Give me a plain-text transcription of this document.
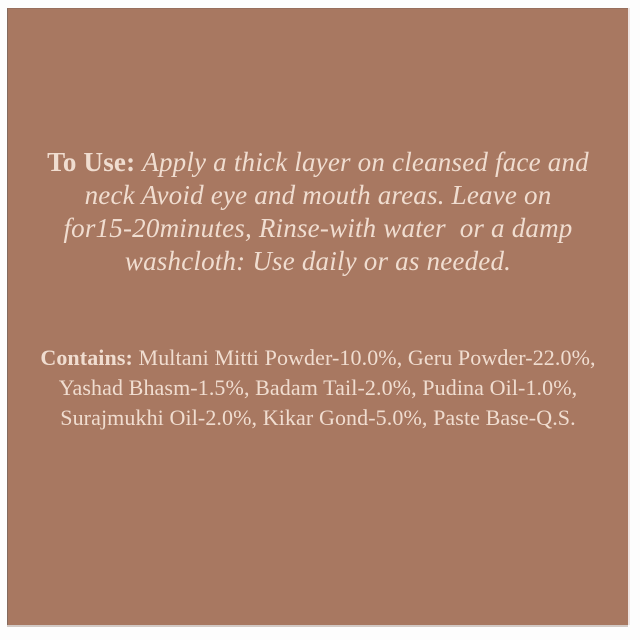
To Use: Apply a thick layer on cleansed face and
neck Avoid eye and mouth areas. Leave on
for15-20minutes, Rinse-with water  or a damp
washcloth: Use daily or as needed.
Contains: Multani Mitti Powder-10.0%, Geru Powder-22.0%,
Yashad Bhasm-1.5%, Badam Tail-2.0%, Pudina Oil-1.0%,
Surajmukhi Oil-2.0%, Kikar Gond-5.0%, Paste Base-Q.S.
